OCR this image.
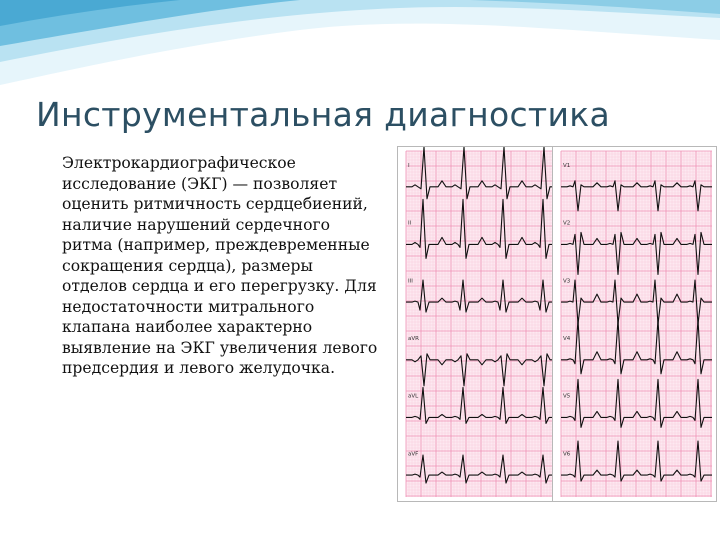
Инструментальная диагностика
Электрокардиографическое исследование (ЭКГ) — позволяет оценить ритмичность сердцебиений, наличие нарушений сердечного ритма (например, преждевременные сокращения сердца), размеры отделов сердца и его перегрузку. Для недостаточности митрального клапана наиболее характерно выявление на ЭКГ увеличения левого предсердия и левого желудочка.
I
II
III
aVR
aVL
aVF
V1
V2
V3
V4
V5
V6
